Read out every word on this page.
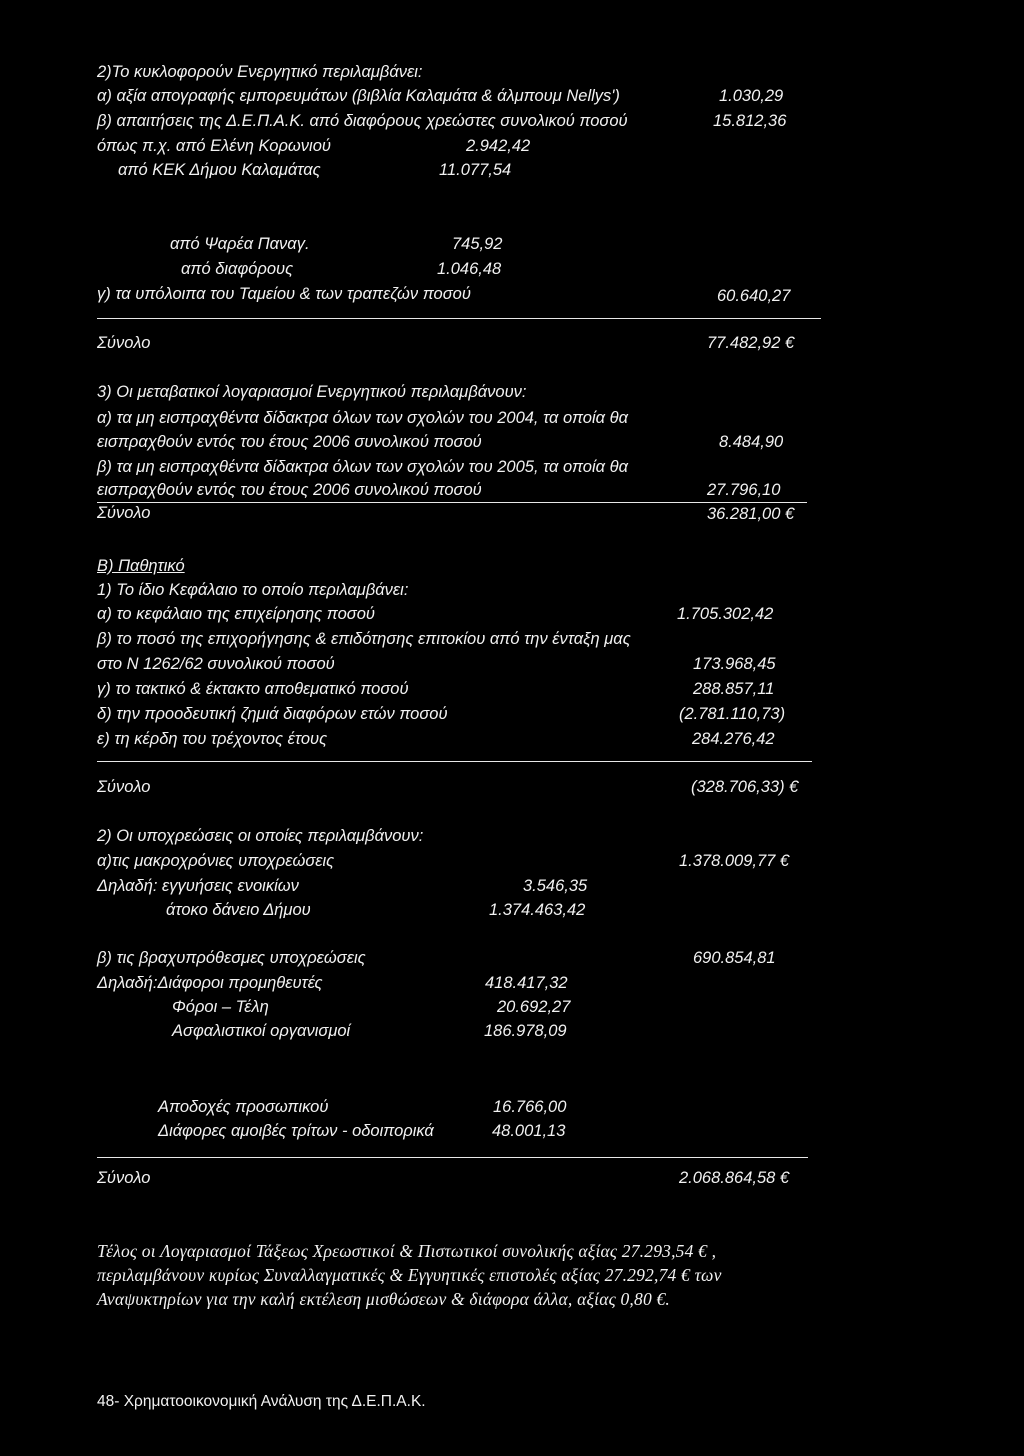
2)Το κυκλοφορούν Ενεργητικό περιλαμβάνει:
α) αξία απογραφής εμπορευμάτων (βιβλία Καλαμάτα & άλμπουμ Nellys')	1.030,29
β) απαιτήσεις της Δ.Ε.Π.Α.Κ. από διαφόρους χρεώστες συνολικού ποσού	15.812,36
όπως π.χ. από Ελένη Κορωνιού	2.942,42
από ΚΕΚ Δήμου Καλαμάτας	11.077,54
από Ψαρέα Παναγ.	745,92
από διαφόρους	1.046,48
γ) τα υπόλοιπα του Ταμείου & των τραπεζών ποσού	60.640,27
Σύνολο	77.482,92 €
3) Οι μεταβατικοί λογαριασμοί Ενεργητικού περιλαμβάνουν:
α) τα μη εισπραχθέντα δίδακτρα όλων των σχολών του 2004, τα οποία θα
εισπραχθούν εντός του έτους 2006 συνολικού ποσού	8.484,90
β) τα μη εισπραχθέντα δίδακτρα όλων των σχολών του 2005, τα οποία θα
εισπραχθούν εντός του έτους 2006 συνολικού ποσού	27.796,10
Σύνολο	36.281,00 €
Β) Παθητικό
1) Το ίδιο Κεφάλαιο το οποίο περιλαμβάνει:
α) το κεφάλαιο της επιχείρησης ποσού	1.705.302,42
β) το ποσό της επιχορήγησης & επιδότησης επιτοκίου από την ένταξη μας
στο Ν 1262/62 συνολικού ποσού	173.968,45
γ) το τακτικό & έκτακτο αποθεματικό ποσού	288.857,11
δ) την προοδευτική ζημιά διαφόρων ετών ποσού	(2.781.110,73)
ε) τη κέρδη του τρέχοντος έτους	284.276,42
Σύνολο	(328.706,33) €
2) Οι υποχρεώσεις οι οποίες περιλαμβάνουν:
α)τις μακροχρόνιες υποχρεώσεις	1.378.009,77 €
Δηλαδή: εγγυήσεις ενοικίων	3.546,35
άτοκο δάνειο Δήμου	1.374.463,42
β) τις βραχυπρόθεσμες υποχρεώσεις	690.854,81
Δηλαδή:Διάφοροι προμηθευτές	418.417,32
Φόροι – Τέλη	20.692,27
Ασφαλιστικοί οργανισμοί	186.978,09
Αποδοχές προσωπικού	16.766,00
Διάφορες αμοιβές τρίτων - οδοιπορικά	48.001,13
Σύνολο	2.068.864,58 €
Τέλος οι Λογαριασμοί Τάξεως Χρεωστικοί & Πιστωτικοί συνολικής αξίας 27.293,54 € ,
περιλαμβάνουν κυρίως Συναλλαγματικές & Εγγυητικές επιστολές αξίας 27.292,74 € των
Αναψυκτηρίων για την καλή εκτέλεση μισθώσεων & διάφορα άλλα, αξίας 0,80 €.
48- Χρηματοοικονομική Ανάλυση της Δ.Ε.Π.Α.Κ.
